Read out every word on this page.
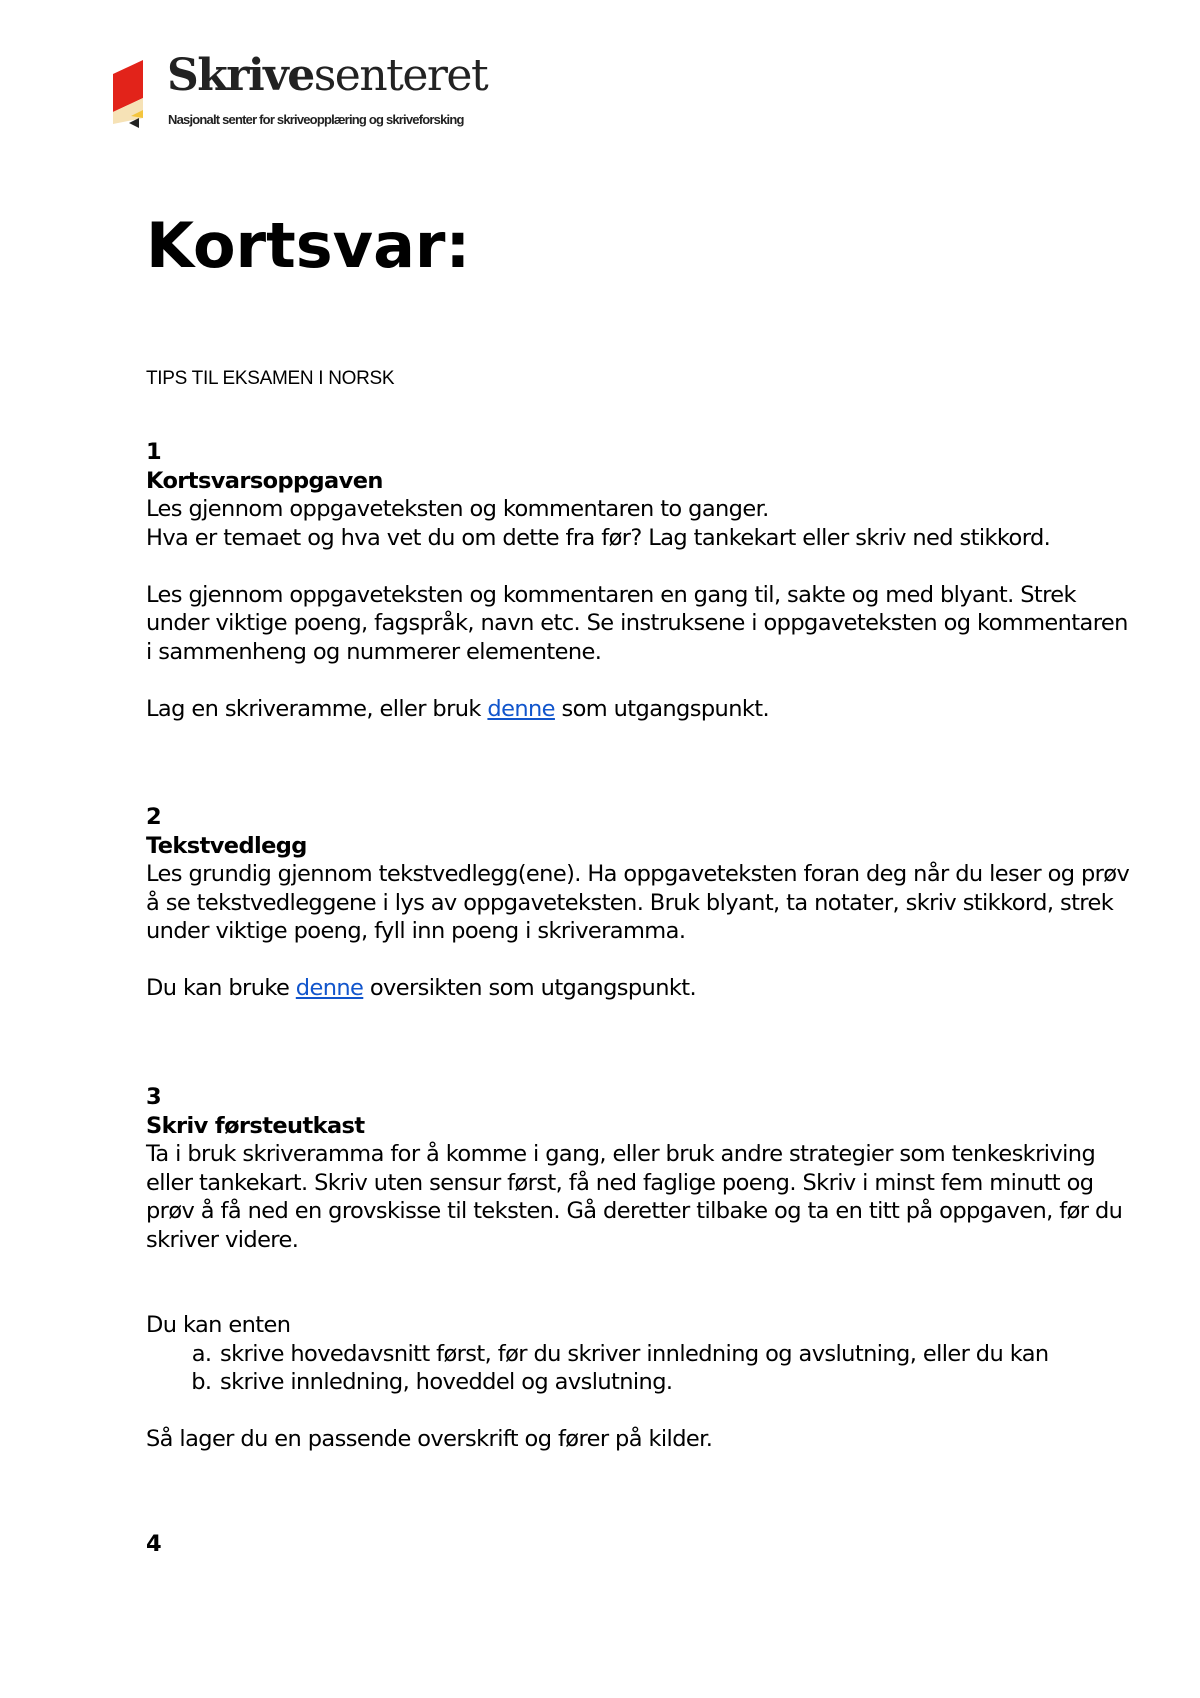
Skrivesenteret
Nasjonalt senter for skriveopplæring og skriveforsking
Kortsvar:

TIPS TIL EKSAMEN I NORSK

1

Kortsvarsoppgaven

Les gjennom oppgaveteksten og kommentaren to ganger.

Hva er temaet og hva vet du om dette fra før? Lag tankekart eller skriv ned stikkord.

Les gjennom oppgaveteksten og kommentaren en gang til, sakte og med blyant. Strek under viktige poeng, fagspråk, navn etc. Se instruksene i oppgaveteksten og kommentaren i sammenheng og nummerer elementene.

Lag en skriveramme, eller bruk denne som utgangspunkt.

2

Tekstvedlegg

Les grundig gjennom tekstvedlegg(ene). Ha oppgaveteksten foran deg når du leser og prøv å se tekstvedleggene i lys av oppgaveteksten. Bruk blyant, ta notater, skriv stikkord, strek under viktige poeng, fyll inn poeng i skriveramma.

Du kan bruke denne oversikten som utgangspunkt.

3

Skriv førsteutkast

Ta i bruk skriveramma for å komme i gang, eller bruk andre strategier som tenkeskriving eller tankekart. Skriv uten sensur først, få ned faglige poeng. Skriv i minst fem minutt og prøv å få ned en grovskisse til teksten. Gå deretter tilbake og ta en titt på oppgaven, før du skriver videre.

Du kan enten

a. skrive hovedavsnitt først, før du skriver innledning og avslutning, eller du kan
b. skrive innledning, hoveddel og avslutning.

Så lager du en passende overskrift og fører på kilder.

4
